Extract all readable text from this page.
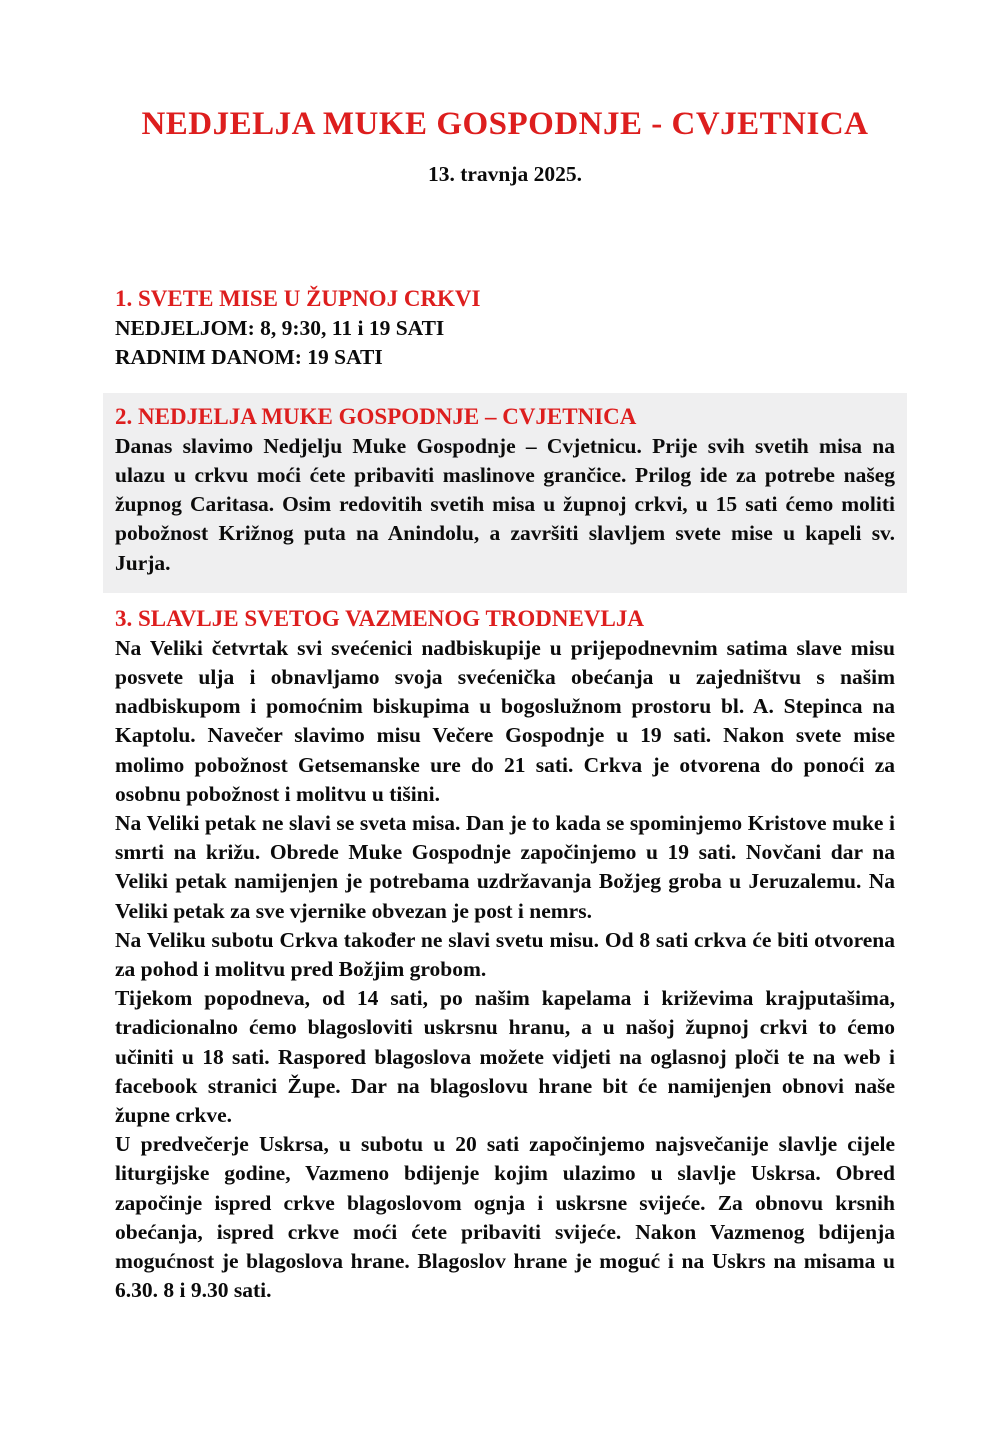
NEDJELJA MUKE GOSPODNJE - CVJETNICA
13. travnja 2025.
1. SVETE MISE U ŽUPNOJ CRKVI
NEDJELJOM: 8, 9:30, 11 i 19 SATI
RADNIM DANOM: 19 SATI
2. NEDJELJA MUKE GOSPODNJE – CVJETNICA

Danas slavimo Nedjelju Muke Gospodnje – Cvjetnicu. Prije svih svetih misa na ulazu u crkvu moći ćete pribaviti maslinove grančice. Prilog ide za potrebe našeg župnog Caritasa. Osim redovitih svetih misa u župnoj crkvi, u 15 sati ćemo moliti pobožnost Križnog puta na Anindolu, a završiti slavljem svete mise u kapeli sv. Jurja.

3. SLAVLJE SVETOG VAZMENOG TRODNEVLJA

Na Veliki četvrtak svi svećenici nadbiskupije u prijepodnevnim satima slave misu posvete ulja i obnavljamo svoja svećenička obećanja u zajedništvu s našim nadbiskupom i pomoćnim biskupima u bogoslužnom prostoru bl. A. Stepinca na Kaptolu. Navečer slavimo misu Večere Gospodnje u 19 sati. Nakon svete mise molimo pobožnost Getsemanske ure do 21 sati. Crkva je otvorena do ponoći za osobnu pobožnost i molitvu u tišini.

Na Veliki petak ne slavi se sveta misa. Dan je to kada se spominjemo Kristove muke i smrti na križu. Obrede Muke Gospodnje započinjemo u 19 sati. Novčani dar na Veliki petak namijenjen je potrebama uzdržavanja Božjeg groba u Jeruzalemu. Na Veliki petak za sve vjernike obvezan je post i nemrs.

Na Veliku subotu Crkva također ne slavi svetu misu. Od 8 sati crkva će biti otvorena za pohod i molitvu pred Božjim grobom.

Tijekom popodneva, od 14 sati, po našim kapelama i križevima krajputašima, tradicionalno ćemo blagosloviti uskrsnu hranu, a u našoj župnoj crkvi to ćemo učiniti u 18 sati. Raspored blagoslova možete vidjeti na oglasnoj ploči te na web i facebook stranici Župe. Dar na blagoslovu hrane bit će namijenjen obnovi naše župne crkve.

U predvečerje Uskrsa, u subotu u 20 sati započinjemo najsvečanije slavlje cijele liturgijske godine, Vazmeno bdijenje kojim ulazimo u slavlje Uskrsa. Obred započinje ispred crkve blagoslovom ognja i uskrsne svijeće. Za obnovu krsnih obećanja, ispred crkve moći ćete pribaviti svijeće. Nakon Vazmenog bdijenja mogućnost je blagoslova hrane. Blagoslov hrane je moguć i na Uskrs na misama u 6.30. 8 i 9.30 sati.
